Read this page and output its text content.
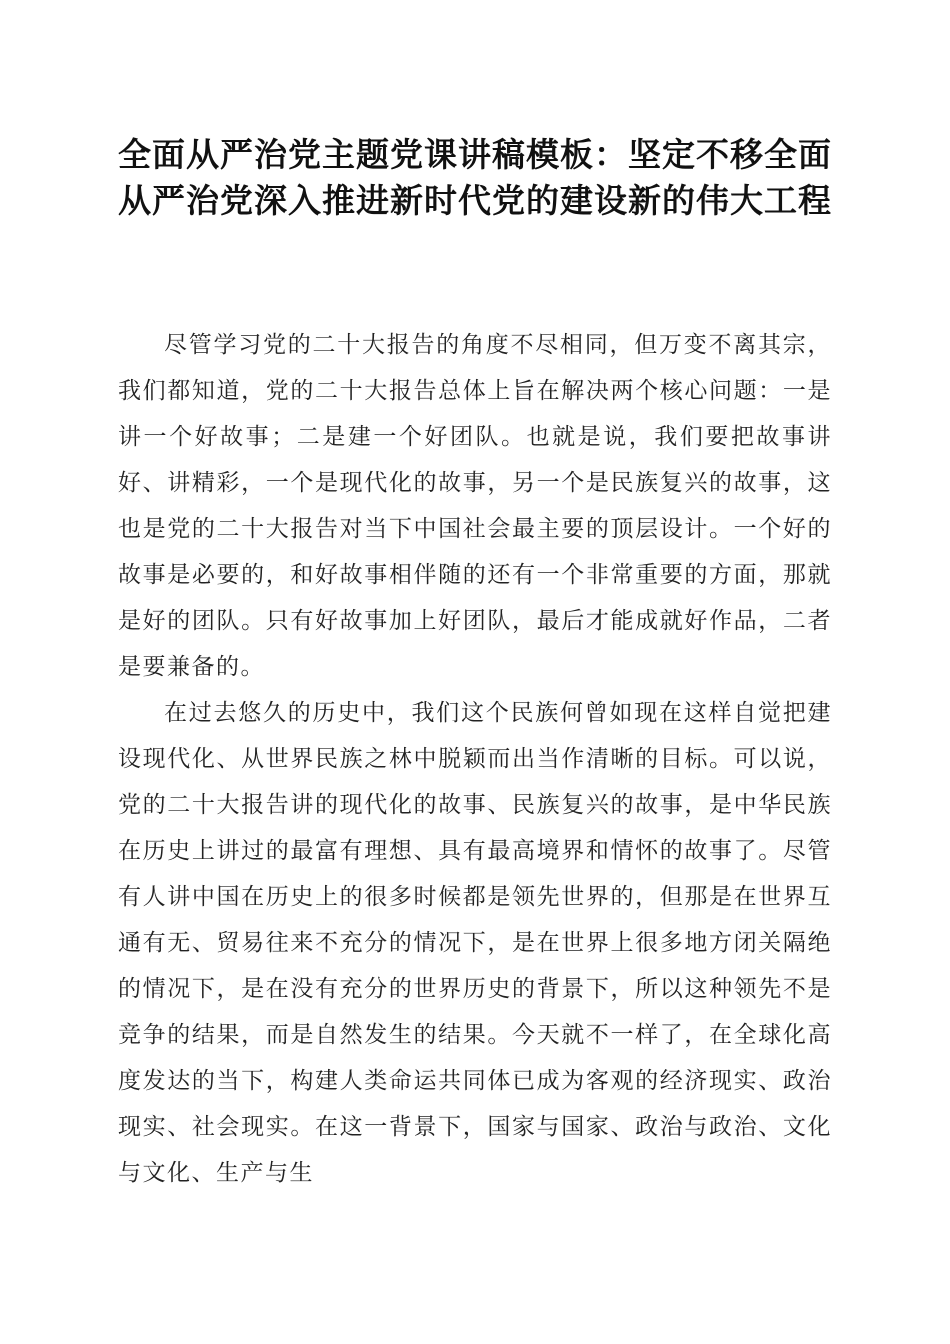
全面从严治党主题党课讲稿模板：坚定不移全面从严治党深入推进新时代党的建设新的伟大工程

尽管学习党的二十大报告的角度不尽相同，但万变不离其宗，我们都知道，党的二十大报告总体上旨在解决两个核心问题：一是讲一个好故事；二是建一个好团队。也就是说，我们要把故事讲好、讲精彩，一个是现代化的故事，另一个是民族复兴的故事，这也是党的二十大报告对当下中国社会最主要的顶层设计。一个好的故事是必要的，和好故事相伴随的还有一个非常重要的方面，那就是好的团队。只有好故事加上好团队，最后才能成就好作品，二者是要兼备的。

在过去悠久的历史中，我们这个民族何曾如现在这样自觉把建设现代化、从世界民族之林中脱颖而出当作清晰的目标。可以说，党的二十大报告讲的现代化的故事、民族复兴的故事，是中华民族在历史上讲过的最富有理想、具有最高境界和情怀的故事了。尽管有人讲中国在历史上的很多时候都是领先世界的，但那是在世界互通有无、贸易往来不充分的情况下，是在世界上很多地方闭关隔绝的情况下，是在没有充分的世界历史的背景下，所以这种领先不是竞争的结果，而是自然发生的结果。今天就不一样了，在全球化高度发达的当下，构建人类命运共同体已成为客观的经济现实、政治现实、社会现实。在这一背景下，国家与国家、政治与政治、文化与文化、生产与生
